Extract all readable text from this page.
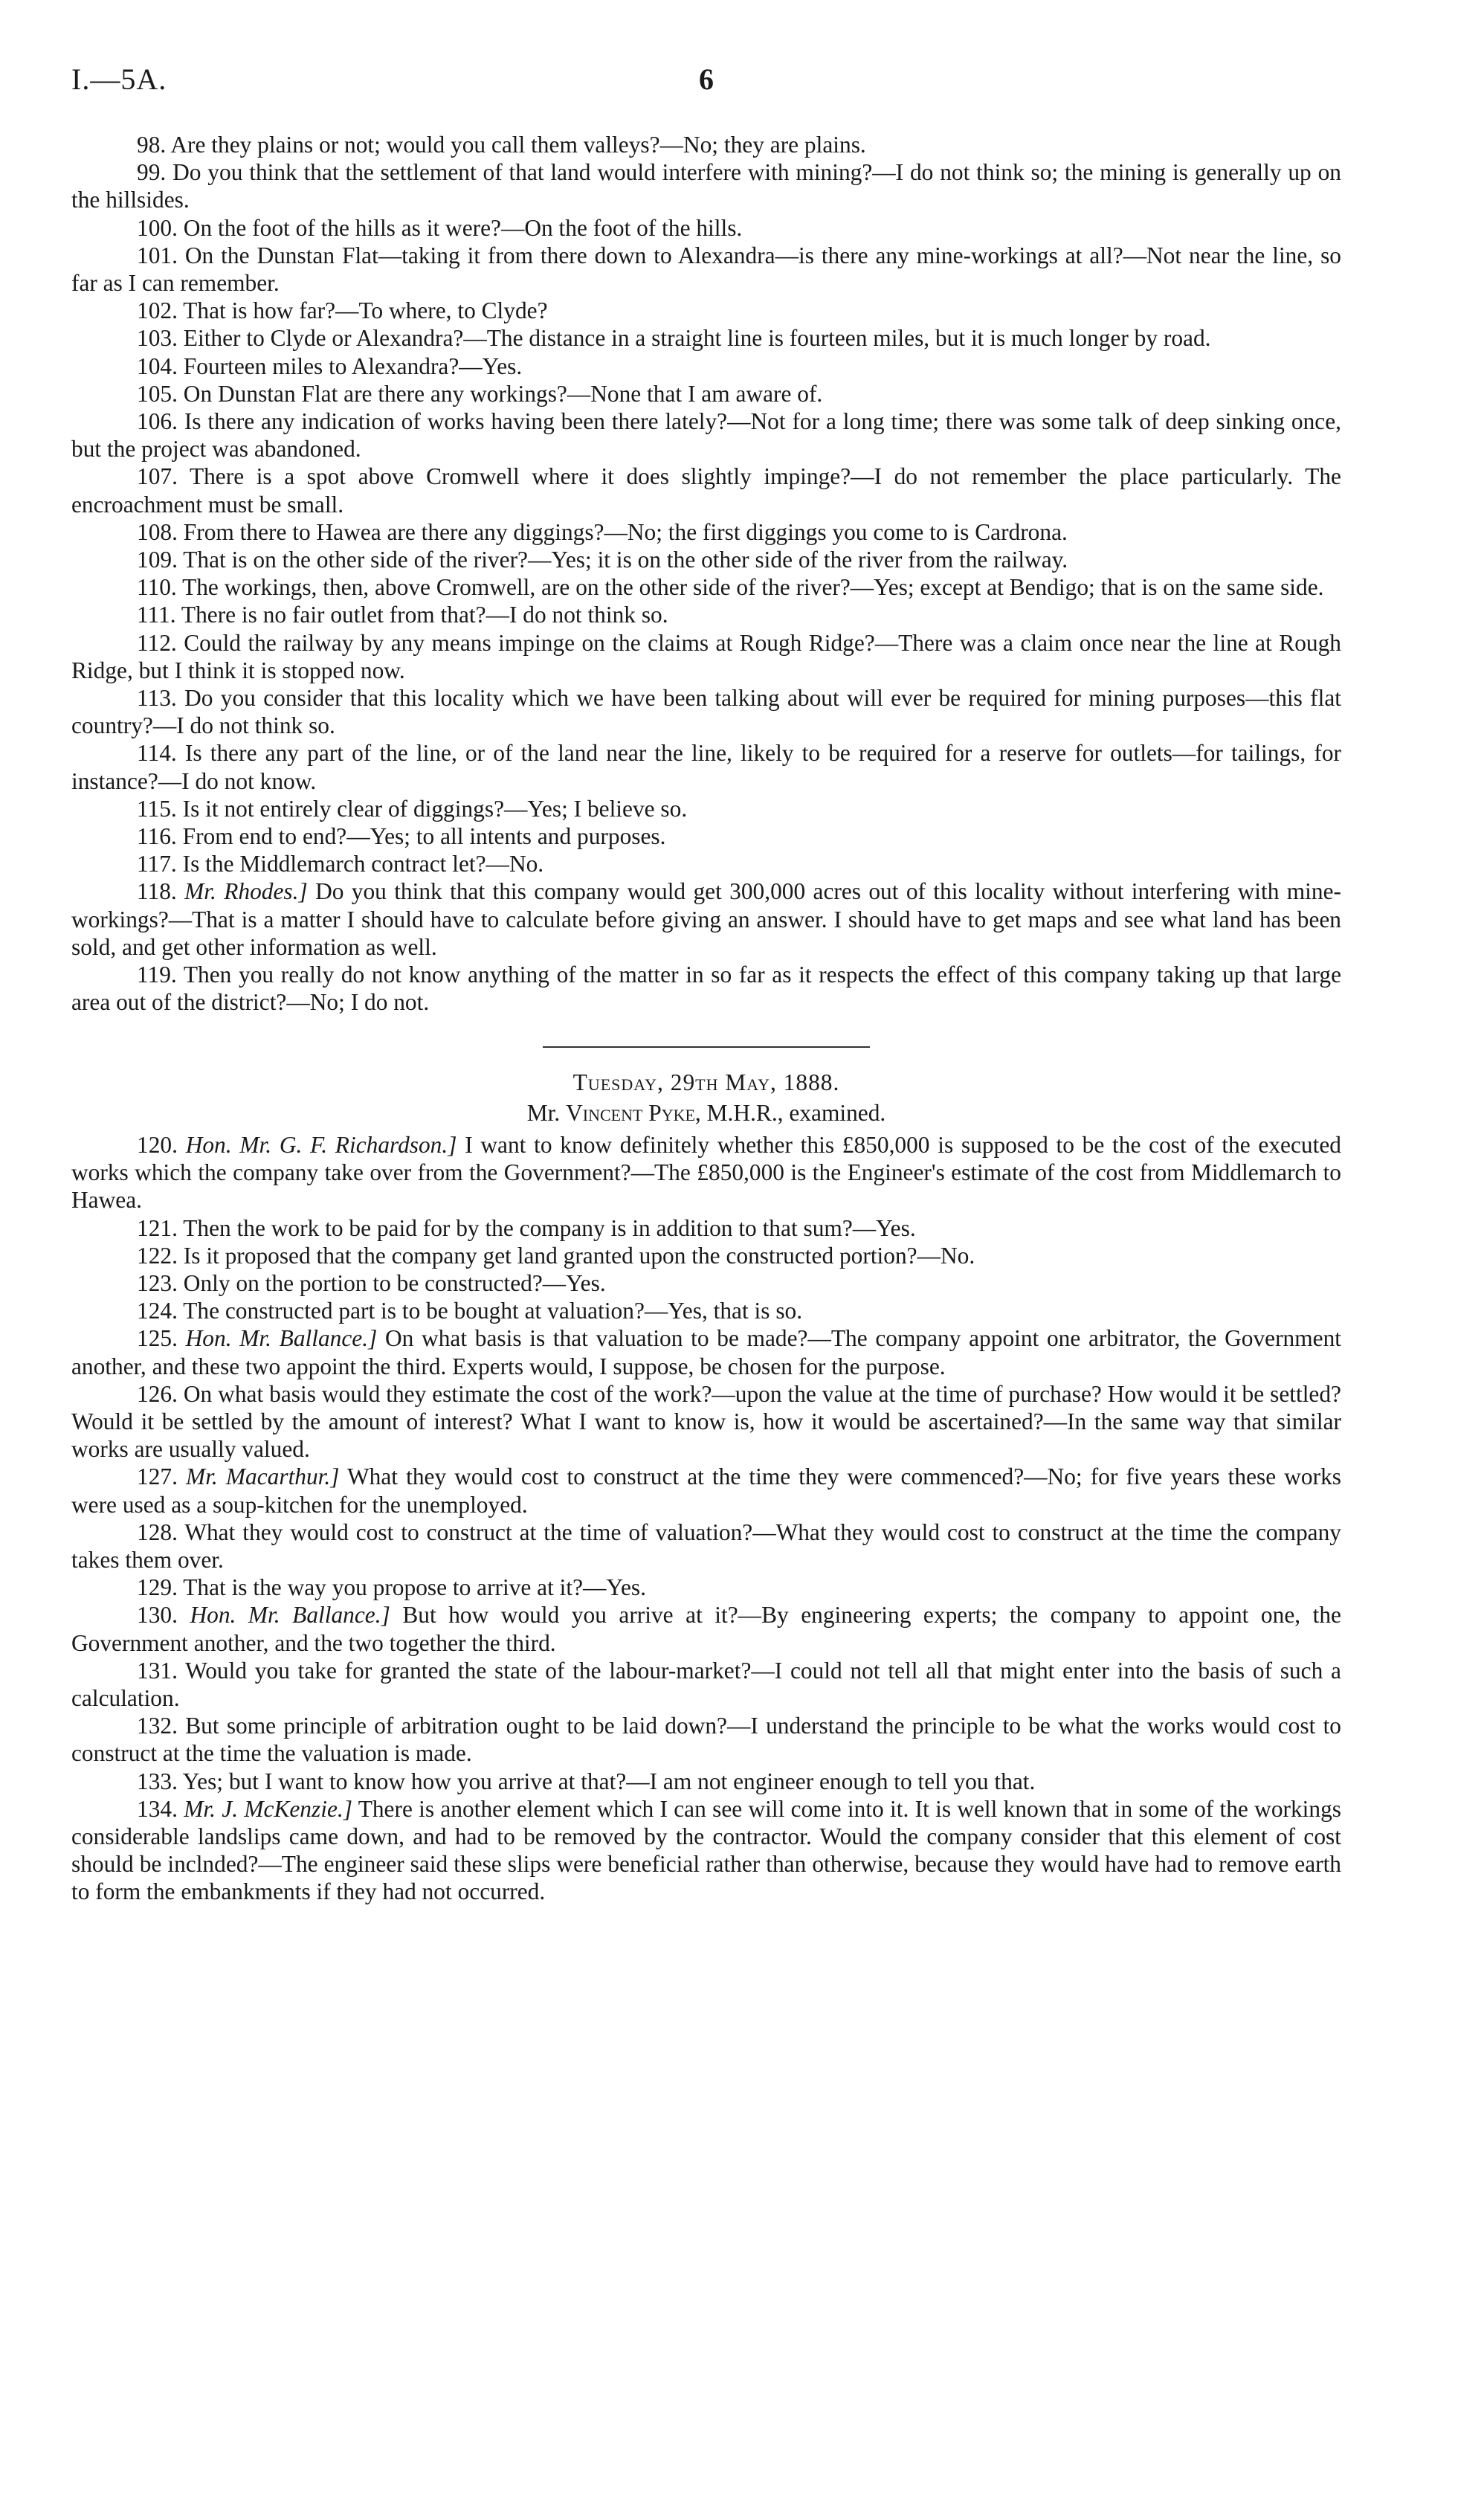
I.—5A.	6

98. Are they plains or not; would you call them valleys?—No; they are plains.

99. Do you think that the settlement of that land would interfere with mining?—I do not think so; the mining is generally up on the hillsides.

100. On the foot of the hills as it were?—On the foot of the hills.

101. On the Dunstan Flat—taking it from there down to Alexandra—is there any mine-workings at all?—Not near the line, so far as I can remember.

102. That is how far?—To where, to Clyde?

103. Either to Clyde or Alexandra?—The distance in a straight line is fourteen miles, but it is much longer by road.

104. Fourteen miles to Alexandra?—Yes.

105. On Dunstan Flat are there any workings?—None that I am aware of.

106. Is there any indication of works having been there lately?—Not for a long time; there was some talk of deep sinking once, but the project was abandoned.

107. There is a spot above Cromwell where it does slightly impinge?—I do not remember the place particularly. The encroachment must be small.

108. From there to Hawea are there any diggings?—No; the first diggings you come to is Cardrona.

109. That is on the other side of the river?—Yes; it is on the other side of the river from the railway.

110. The workings, then, above Cromwell, are on the other side of the river?—Yes; except at Bendigo; that is on the same side.

111. There is no fair outlet from that?—I do not think so.

112. Could the railway by any means impinge on the claims at Rough Ridge?—There was a claim once near the line at Rough Ridge, but I think it is stopped now.

113. Do you consider that this locality which we have been talking about will ever be required for mining purposes—this flat country?—I do not think so.

114. Is there any part of the line, or of the land near the line, likely to be required for a reserve for outlets—for tailings, for instance?—I do not know.

115. Is it not entirely clear of diggings?—Yes; I believe so.

116. From end to end?—Yes; to all intents and purposes.

117. Is the Middlemarch contract let?—No.

118. Mr. Rhodes.] Do you think that this company would get 300,000 acres out of this locality without interfering with mine-workings?—That is a matter I should have to calculate before giving an answer. I should have to get maps and see what land has been sold, and get other information as well.

119. Then you really do not know anything of the matter in so far as it respects the effect of this company taking up that large area out of the district?—No; I do not.

Tuesday, 29th May, 1888.

Mr. Vincent Pyke, M.H.R., examined.

120. Hon. Mr. G. F. Richardson.] I want to know definitely whether this £850,000 is supposed to be the cost of the executed works which the company take over from the Government?—The £850,000 is the Engineer's estimate of the cost from Middlemarch to Hawea.

121. Then the work to be paid for by the company is in addition to that sum?—Yes.

122. Is it proposed that the company get land granted upon the constructed portion?—No.

123. Only on the portion to be constructed?—Yes.

124. The constructed part is to be bought at valuation?—Yes, that is so.

125. Hon. Mr. Ballance.] On what basis is that valuation to be made?—The company appoint one arbitrator, the Government another, and these two appoint the third. Experts would, I suppose, be chosen for the purpose.

126. On what basis would they estimate the cost of the work?—upon the value at the time of purchase? How would it be settled? Would it be settled by the amount of interest? What I want to know is, how it would be ascertained?—In the same way that similar works are usually valued.

127. Mr. Macarthur.] What they would cost to construct at the time they were commenced?—No; for five years these works were used as a soup-kitchen for the unemployed.

128. What they would cost to construct at the time of valuation?—What they would cost to construct at the time the company takes them over.

129. That is the way you propose to arrive at it?—Yes.

130. Hon. Mr. Ballance.] But how would you arrive at it?—By engineering experts; the company to appoint one, the Government another, and the two together the third.

131. Would you take for granted the state of the labour-market?—I could not tell all that might enter into the basis of such a calculation.

132. But some principle of arbitration ought to be laid down?—I understand the principle to be what the works would cost to construct at the time the valuation is made.

133. Yes; but I want to know how you arrive at that?—I am not engineer enough to tell you that.

134. Mr. J. McKenzie.] There is another element which I can see will come into it. It is well known that in some of the workings considerable landslips came down, and had to be removed by the contractor. Would the company consider that this element of cost should be inclnded?—The engineer said these slips were beneficial rather than otherwise, because they would have had to remove earth to form the embankments if they had not occurred.
